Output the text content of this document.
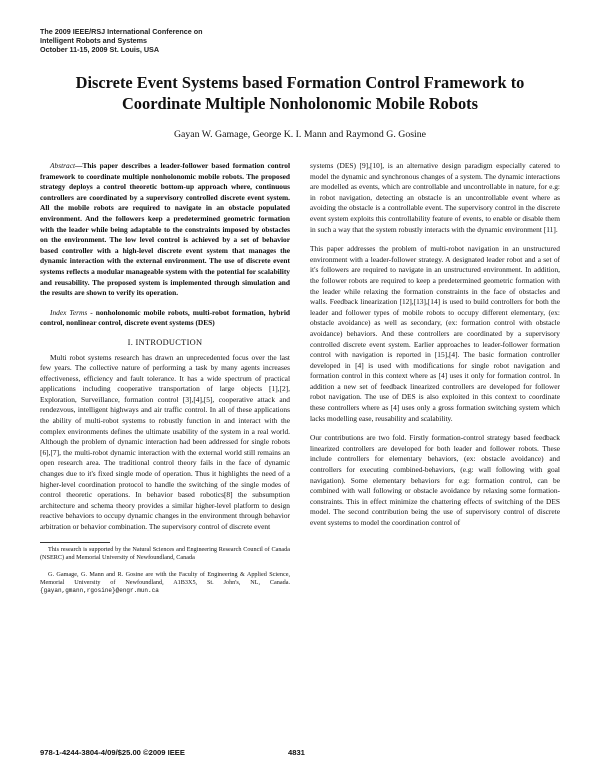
The 2009 IEEE/RSJ International Conference on
Intelligent Robots and Systems
October 11-15, 2009 St. Louis, USA
Discrete Event Systems based Formation Control Framework to
Coordinate Multiple Nonholonomic Mobile Robots
Gayan W. Gamage, George K. I. Mann and Raymond G. Gosine

Abstract—This paper describes a leader-follower based formation control framework to coordinate multiple nonholonomic mobile robots. The proposed strategy deploys a control theoretic bottom-up approach where, continuous controllers are coordinated by a supervisory controlled discrete event system. All the mobile robots are required to navigate in an obstacle populated environment. And the followers keep a predetermined geometric formation with the leader while being adaptable to the constraints imposed by obstacles on the environment. The low level control is achieved by a set of behavior based controller with a high-level discrete event system that manages the dynamic interaction with the external environment. The use of discrete event systems reflects a modular manageable system with the potential for scalability and reusability. The proposed system is implemented through simulation and the results are shown to verify its operation.

Index Terms - nonholonomic mobile robots, multi-robot formation, hybrid control, nonlinear control, discrete event systems (DES)

I. INTRODUCTION

Multi robot systems research has drawn an unprecedented focus over the last few years. The collective nature of performing a task by many agents increases effectiveness, efficiency and fault tolerance. It has a wide spectrum of practical applications including cooperative transportation of large objects [1],[2], Exploration, Surveillance, formation control [3],[4],[5], cooperative attack and rendezvous, intelligent highways and air traffic control. In all of these applications the ability of multi-robot systems to robustly function in and interact with the complex environments defines the ultimate usability of the system in a real world. Although the problem of dynamic interaction had been addressed for single robots [6],[7], the multi-robot dynamic interaction with the external world still remains an open research area. The traditional control theory fails in the face of dynamic changes due to it's fixed single mode of operation. Thus it highlights the need of a higher-level coordination protocol to handle the switching of the single modes of control theoretic operations. In behavior based robotics[8] the subsumption architecture and schema theory provides a similar higher-level platform to design reactive behaviors to occupy dynamic changes in the environment through behavior arbitration or behavior combination. The supervisory control of discrete event

This research is supported by the Natural Sciences and Engineering Research Council of Canada (NSERC) and Memorial University of Newfoundland, Canada

G. Gamage, G. Mann and R. Gosine are with the Faculty of Engineering & Applied Science, Memorial University of Newfoundland, A1B3X5, St. John's, NL, Canada. {gayan,gmann,rgosine}@engr.mun.ca

systems (DES) [9],[10], is an alternative design paradigm especially catered to model the dynamic and synchronous changes of a system. The dynamic interactions are modelled as events, which are controllable and uncontrollable in nature, for e.g: in robot navigation, detecting an obstacle is an uncontrollable event where as avoiding the obstacle is a controllable event. The supervisory control in the discrete event system exploits this controllability feature of events, to enable or disable them in such a way that the system robustly interacts with the dynamic environment [11].

This paper addresses the problem of multi-robot navigation in an unstructured environment with a leader-follower strategy. A designated leader robot and a set of it's followers are required to navigate in an unstructured environment. In addition, the follower robots are required to keep a predetermined geometric formation with the leader while relaxing the formation constraints in the face of obstacles and walls. Feedback linearization [12],[13],[14] is used to build controllers for both the leader and follower types of mobile robots to occupy different elementary, (ex: obstacle avoidance) as well as secondary, (ex: formation control with obstacle avoidance) behaviors. And these controllers are coordinated by a supervisory controlled discrete event system. Earlier approaches to leader-follower formation control with navigation is reported in [15],[4]. The basic formation controller developed in [4] is used with modifications for single robot navigation and formation control in this context where as [4] uses it only for formation control. In addition a new set of feedback linearized controllers are developed for follower robot navigation. The use of DES is also exploited in this context to coordinate these controllers where as [4] uses only a gross formation switching system which lacks modelling ease, reusability and scalability.

Our contributions are two fold. Firstly formation-control strategy based feedback linearized controllers are developed for both leader and follower robots. These include controllers for elementary behaviors, (ex: obstacle avoidance) and controllers for executing combined-behaviors, (e.g: wall following with goal navigation). Some elementary behaviors for e.g: formation control, can be combined with wall following or obstacle avoidance by relaxing some formation-constraints. This in effect minimize the chattering effects of switching of the DES model. The second contribution being the use of supervisory control of discrete event systems to model the coordination control of

978-1-4244-3804-4/09/$25.00 ©2009 IEEE	4831
